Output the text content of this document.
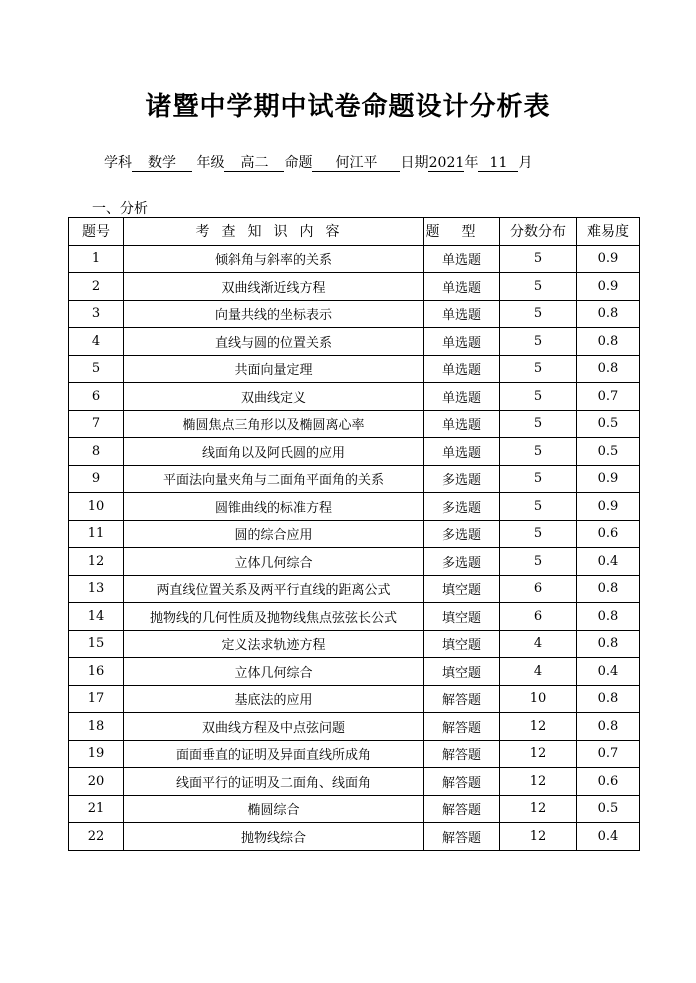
诸暨中学期中试卷命题设计分析表
学科 数学 年级 高二 命题 何江平 日期2021年 11 月
一、分析
题号	考查知识内容	题型	分数分布	难易度
1	倾斜角与斜率的关系	单选题	5	0.9
2	双曲线渐近线方程	单选题	5	0.9
3	向量共线的坐标表示	单选题	5	0.8
4	直线与圆的位置关系	单选题	5	0.8
5	共面向量定理	单选题	5	0.8
6	双曲线定义	单选题	5	0.7
7	椭圆焦点三角形以及椭圆离心率	单选题	5	0.5
8	线面角以及阿氏圆的应用	单选题	5	0.5
9	平面法向量夹角与二面角平面角的关系	多选题	5	0.9
10	圆锥曲线的标准方程	多选题	5	0.9
11	圆的综合应用	多选题	5	0.6
12	立体几何综合	多选题	5	0.4
13	两直线位置关系及两平行直线的距离公式	填空题	6	0.8
14	抛物线的几何性质及抛物线焦点弦弦长公式	填空题	6	0.8
15	定义法求轨迹方程	填空题	4	0.8
16	立体几何综合	填空题	4	0.4
17	基底法的应用	解答题	10	0.8
18	双曲线方程及中点弦问题	解答题	12	0.8
19	面面垂直的证明及异面直线所成角	解答题	12	0.7
20	线面平行的证明及二面角、线面角	解答题	12	0.6
21	椭圆综合	解答题	12	0.5
22	抛物线综合	解答题	12	0.4
